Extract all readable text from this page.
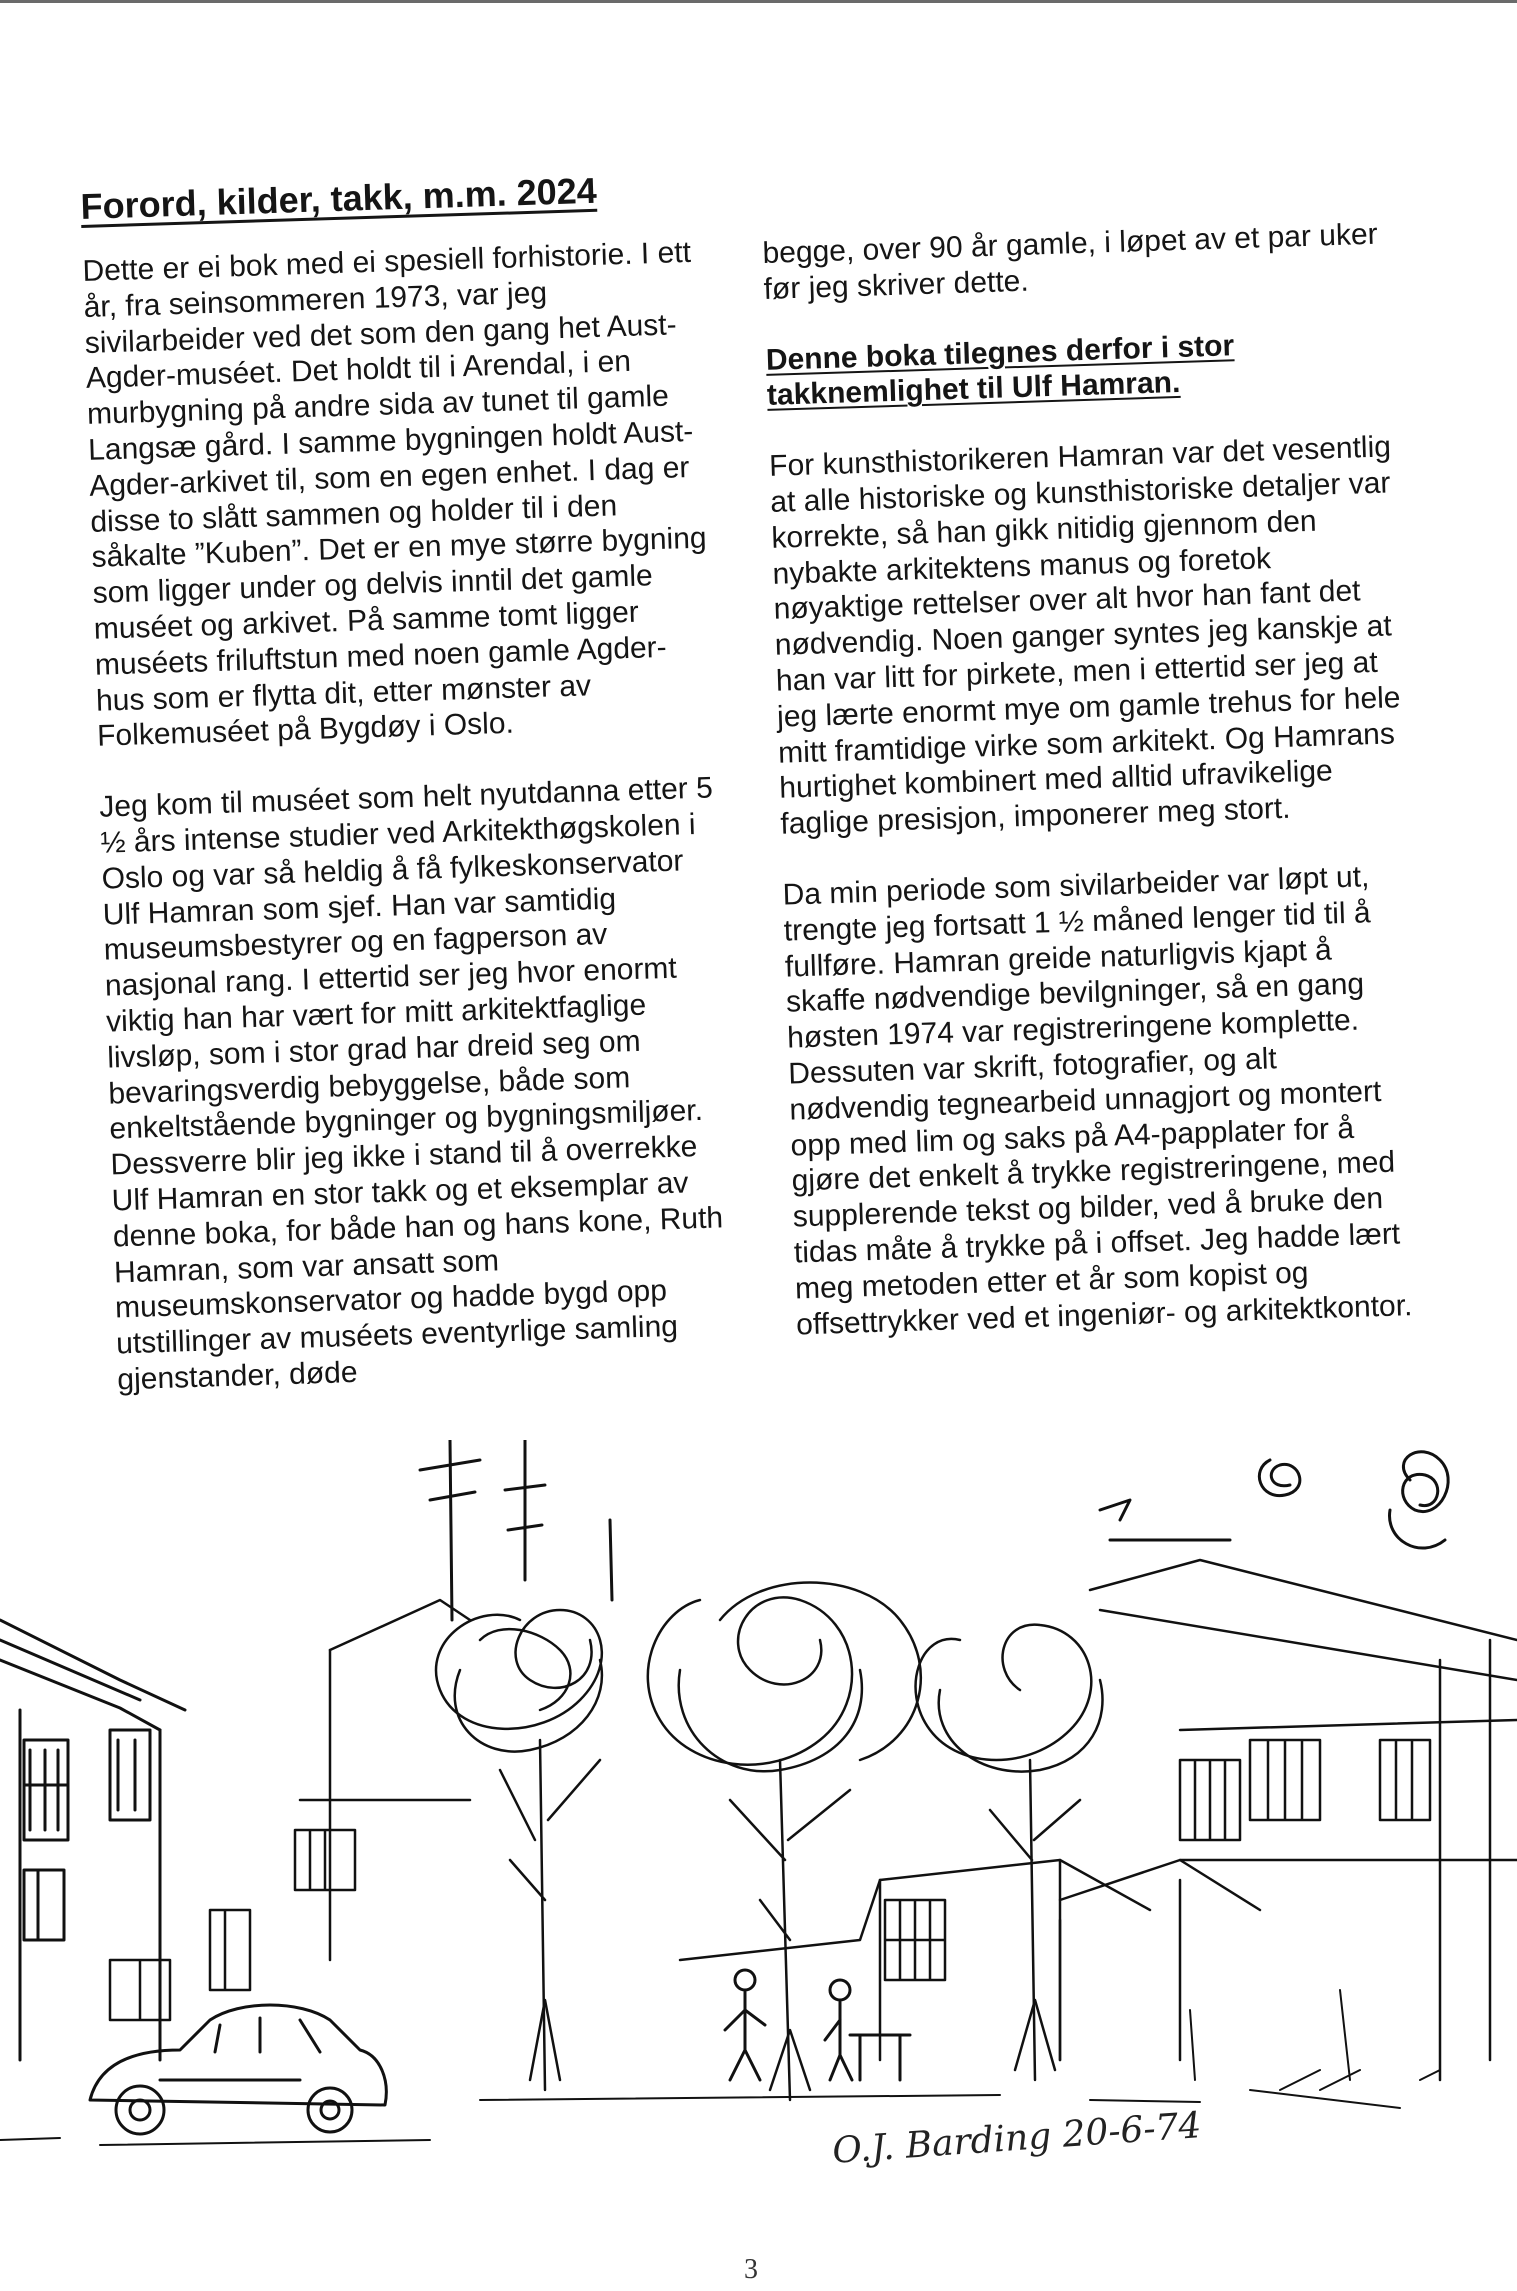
Forord, kilder, takk, m.m. 2024

Dette er ei bok med ei spesiell forhistorie. I ett år, fra seinsommeren 1973, var jeg sivilarbeider ved det som den gang het Aust-Agder-muséet. Det holdt til i Arendal, i en murbygning på andre sida av tunet til gamle Langsæ gård. I samme bygningen holdt Aust-Agder-arkivet til, som en egen enhet. I dag er disse to slått sammen og holder til i den såkalte ”Kuben”. Det er en mye større bygning som ligger under og delvis inntil det gamle muséet og arkivet. På samme tomt ligger muséets friluftstun med noen gamle Agder-hus som er flytta dit, etter mønster av Folkemuséet på Bygdøy i Oslo.

Jeg kom til muséet som helt nyutdanna etter 5 ½ års intense studier ved Arkitekthøgskolen i Oslo og var så heldig å få fylkeskonservator Ulf Hamran som sjef. Han var samtidig museumsbestyrer og en fagperson av nasjonal rang. I ettertid ser jeg hvor enormt viktig han har vært for mitt arkitektfaglige livsløp, som i stor grad har dreid seg om bevaringsverdig bebyggelse, både som enkeltstående bygninger og bygningsmiljøer. Dessverre blir jeg ikke i stand til å overrekke Ulf Hamran en stor takk og et eksemplar av denne boka, for både han og hans kone, Ruth Hamran, som var ansatt som museumskonservator og hadde bygd opp utstillinger av muséets eventyrlige samling gjenstander, døde

begge, over 90 år gamle, i løpet av et par uker før jeg skriver dette.

Denne boka tilegnes derfor i stor takknemlighet til Ulf Hamran.

For kunsthistorikeren Hamran var det vesentlig at alle historiske og kunsthistoriske detaljer var korrekte, så han gikk nitidig gjennom den nybakte arkitektens manus og foretok nøyaktige rettelser over alt hvor han fant det nødvendig. Noen ganger syntes jeg kanskje at han var litt for pirkete, men i ettertid ser jeg at jeg lærte enormt mye om gamle trehus for hele mitt framtidige virke som arkitekt. Og Hamrans hurtighet kombinert med alltid ufravikelige faglige presisjon, imponerer meg stort.

Da min periode som sivilarbeider var løpt ut, trengte jeg fortsatt 1 ½ måned lenger tid til å fullføre. Hamran greide naturligvis kjapt å skaffe nødvendige bevilgninger, så en gang høsten 1974 var registreringene komplette. Dessuten var skrift, fotografier, og alt nødvendig tegnearbeid unnagjort og montert opp med lim og saks på A4-papplater for å gjøre det enkelt å trykke registreringene, med supplerende tekst og bilder, ved å bruke den tidas måte å trykke på i offset. Jeg hadde lært meg metoden etter et år som kopist og offsettrykker ved et ingeniør- og arkitektkontor.

O.J. Barding 20-6-74
3
